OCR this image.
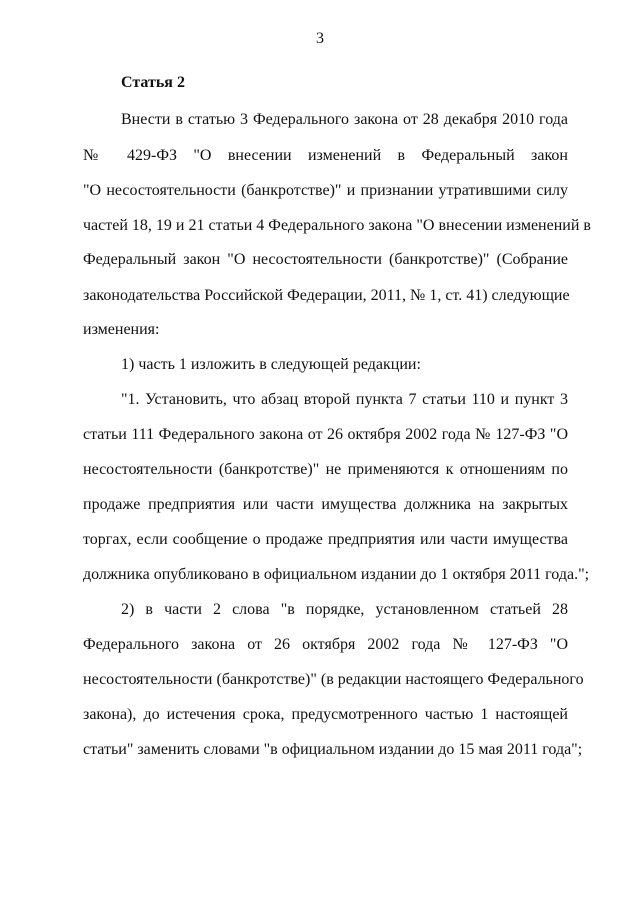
3
Статья 2
Внести в статью 3 Федерального закона от 28 декабря 2010 года
№ 429-ФЗ "О внесении изменений в Федеральный закон
"О несостоятельности (банкротстве)" и признании утратившими силу
частей 18, 19 и 21 статьи 4 Федерального закона "О внесении изменений в
Федеральный закон "О несостоятельности (банкротстве)" (Собрание
законодательства Российской Федерации, 2011, № 1, ст. 41) следующие
изменения:
1) часть 1 изложить в следующей редакции:
"1. Установить, что абзац второй пункта 7 статьи 110 и пункт 3
статьи 111 Федерального закона от 26 октября 2002 года № 127-ФЗ "О
несостоятельности (банкротстве)" не применяются к отношениям по
продаже предприятия или части имущества должника на закрытых
торгах, если сообщение о продаже предприятия или части имущества
должника опубликовано в официальном издании до 1 октября 2011 года.";
2) в части 2 слова "в порядке, установленном статьей 28
Федерального закона от 26 октября 2002 года № 127-ФЗ "О
несостоятельности (банкротстве)" (в редакции настоящего Федерального
закона), до истечения срока, предусмотренного частью 1 настоящей
статьи" заменить словами "в официальном издании до 15 мая 2011 года";
